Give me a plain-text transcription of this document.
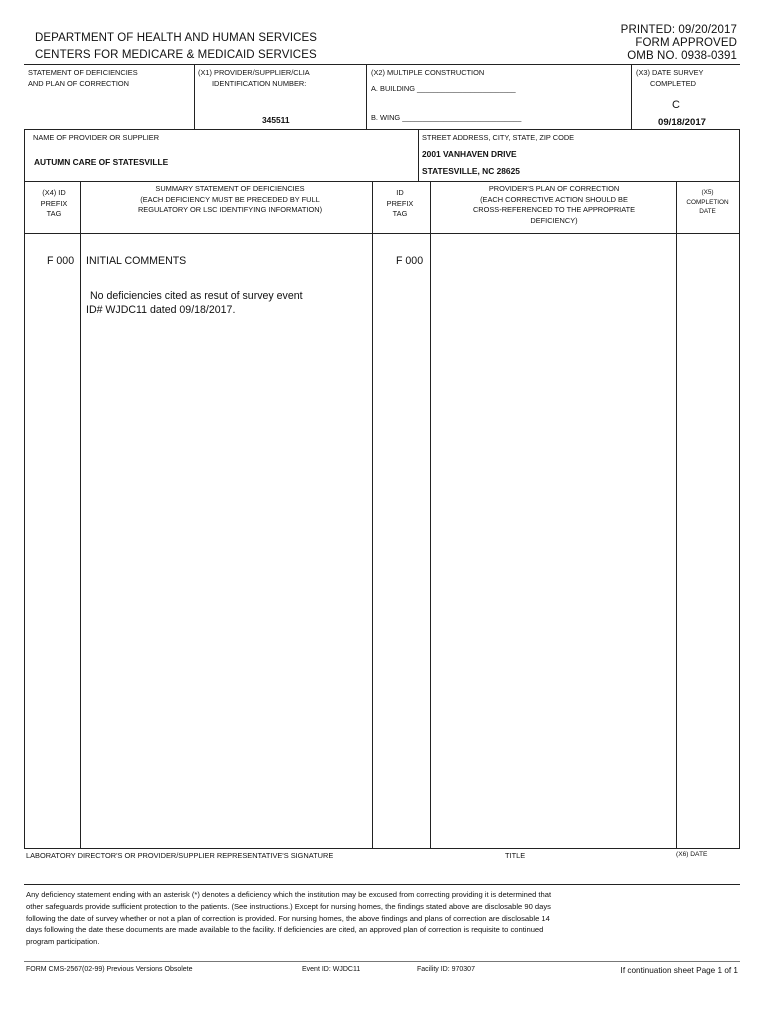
DEPARTMENT OF HEALTH AND HUMAN SERVICES
CENTERS FOR MEDICARE & MEDICAID SERVICES
PRINTED: 09/20/2017
FORM APPROVED
OMB NO. 0938-0391
STATEMENT OF DEFICIENCIES
AND PLAN OF CORRECTION
(X1) PROVIDER/SUPPLIER/CLIA
IDENTIFICATION NUMBER:
345511
(X2) MULTIPLE CONSTRUCTION
A. BUILDING ________________________
B. WING _____________________________
(X3) DATE SURVEY
COMPLETED
C
09/18/2017
NAME OF PROVIDER OR SUPPLIER
AUTUMN CARE OF STATESVILLE
STREET ADDRESS, CITY, STATE, ZIP CODE
2001 VANHAVEN DRIVE
STATESVILLE, NC 28625
(X4) ID
PREFIX
TAG
SUMMARY STATEMENT OF DEFICIENCIES
(EACH DEFICIENCY MUST BE PRECEDED BY FULL
REGULATORY OR LSC IDENTIFYING INFORMATION)
ID
PREFIX
TAG
PROVIDER'S PLAN OF CORRECTION
(EACH CORRECTIVE ACTION SHOULD BE
CROSS-REFERENCED TO THE APPROPRIATE
DEFICIENCY)
(X5)
COMPLETION
DATE
F 000 INITIAL COMMENTS	F 000
No deficiencies cited as resut of survey event
ID# WJDC11 dated 09/18/2017.
LABORATORY DIRECTOR'S OR PROVIDER/SUPPLIER REPRESENTATIVE'S SIGNATURE	TITLE	(X6) DATE
Any deficiency statement ending with an asterisk (*) denotes a deficiency which the institution may be excused from correcting providing it is determined that
other safeguards provide sufficient protection to the patients. (See instructions.) Except for nursing homes, the findings stated above are disclosable 90 days
following the date of survey whether or not a plan of correction is provided. For nursing homes, the above findings and plans of correction are disclosable 14
days following the date these documents are made available to the facility. If deficiencies are cited, an approved plan of correction is requisite to continued
program participation.
FORM CMS-2567(02-99) Previous Versions Obsolete	Event ID: WJDC11	Facility ID: 970307	If continuation sheet Page 1 of 1
